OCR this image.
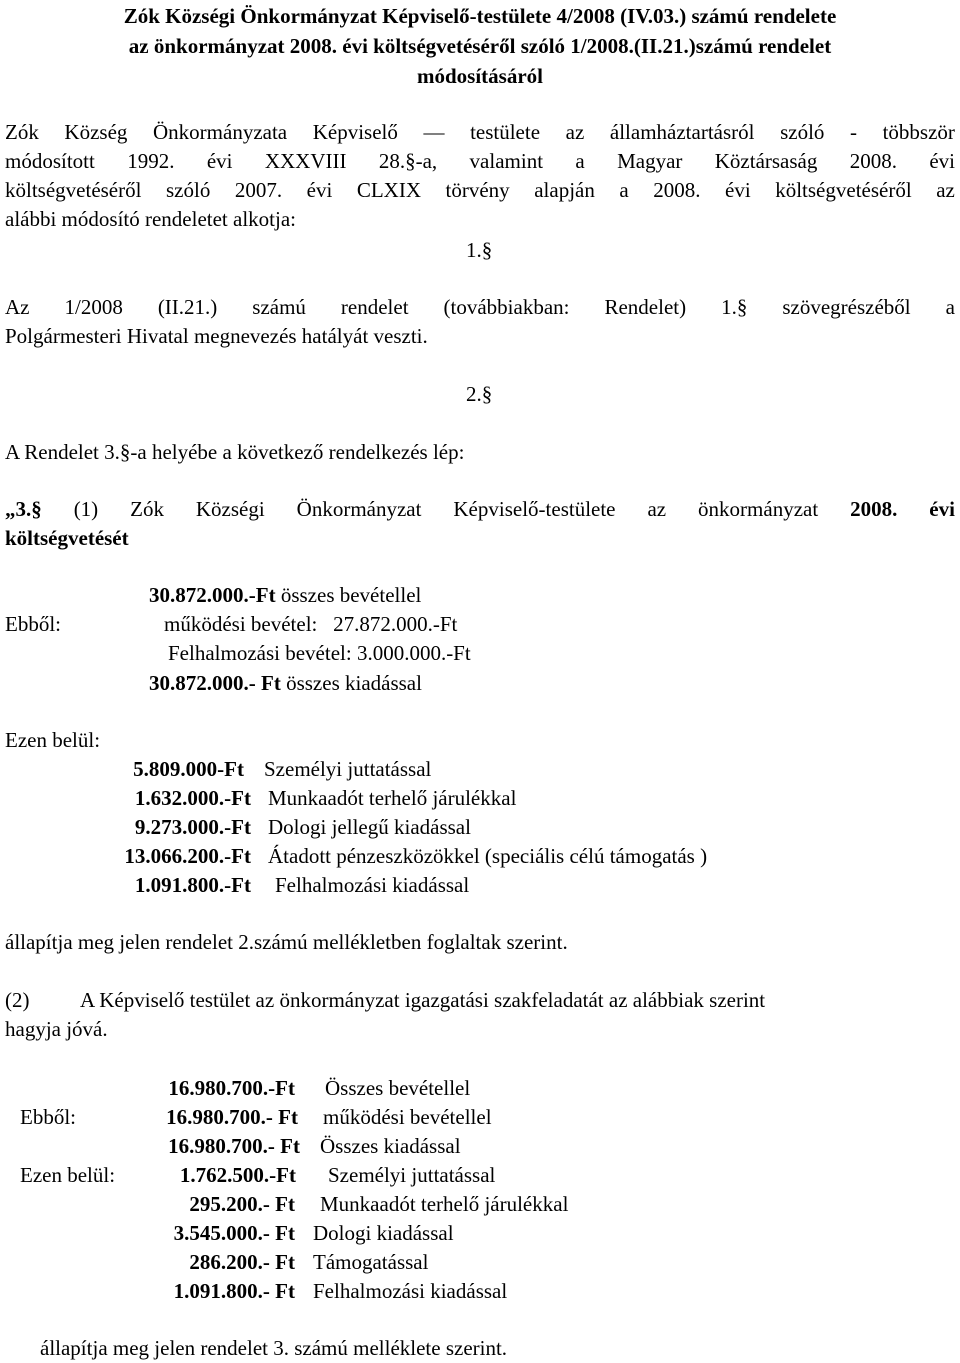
Zók Községi Önkormányzat Képviselő-testülete 4/2008 (IV.03.) számú rendelete
az önkormányzat 2008. évi költségvetéséről szóló 1/2008.(II.21.)számú rendelet
módosításáról
Zók Község Önkormányzata Képviselő — testülete az államháztartásról szóló - többször
módosított 1992. évi XXXVIII 28.§-a, valamint a Magyar Köztársaság 2008. évi
költségvetéséről szóló 2007. évi CLXIX törvény alapján a 2008. évi költségvetéséről az
alábbi módosító rendeletet alkotja:
1.§
Az 1/2008 (II.21.) számú rendelet (továbbiakban: Rendelet) 1.§ szövegrészéből a
Polgármesteri Hivatal megnevezés hatályát veszti.
2.§
A Rendelet 3.§-a helyébe a következő rendelkezés lép:
„3.§ (1) Zók Községi Önkormányzat Képviselő-testülete az önkormányzat 2008. évi
költségvetését
30.872.000.-Ft összes bevétellel
Ebből:	működési bevétel:   27.872.000.-Ft
Felhalmozási bevétel: 3.000.000.-Ft
30.872.000.- Ft összes kiadással
Ezen belül:
5.809.000-Ft Személyi juttatással
1.632.000.-Ft Munkaadót terhelő járulékkal
9.273.000.-Ft Dologi jellegű kiadással
13.066.200.-Ft Átadott pénzeszközökkel (speciális célú támogatás )
1.091.800.-Ft Felhalmozási kiadással
állapítja meg jelen rendelet 2.számú mellékletben foglaltak szerint.
(2) A Képviselő testület az önkormányzat igazgatási szakfeladatát az alábbiak szerint
hagyja jóvá.
Ebből:
Ezen belül:
16.980.700.-Ft Összes bevétellel
16.980.700.- Ft működési bevétellel
16.980.700.- Ft Összes kiadással
1.762.500.-Ft Személyi juttatással
295.200.- Ft Munkaadót terhelő járulékkal
3.545.000.- Ft Dologi kiadással
286.200.- Ft Támogatással
1.091.800.- Ft Felhalmozási kiadással
állapítja meg jelen rendelet 3. számú melléklete szerint.
